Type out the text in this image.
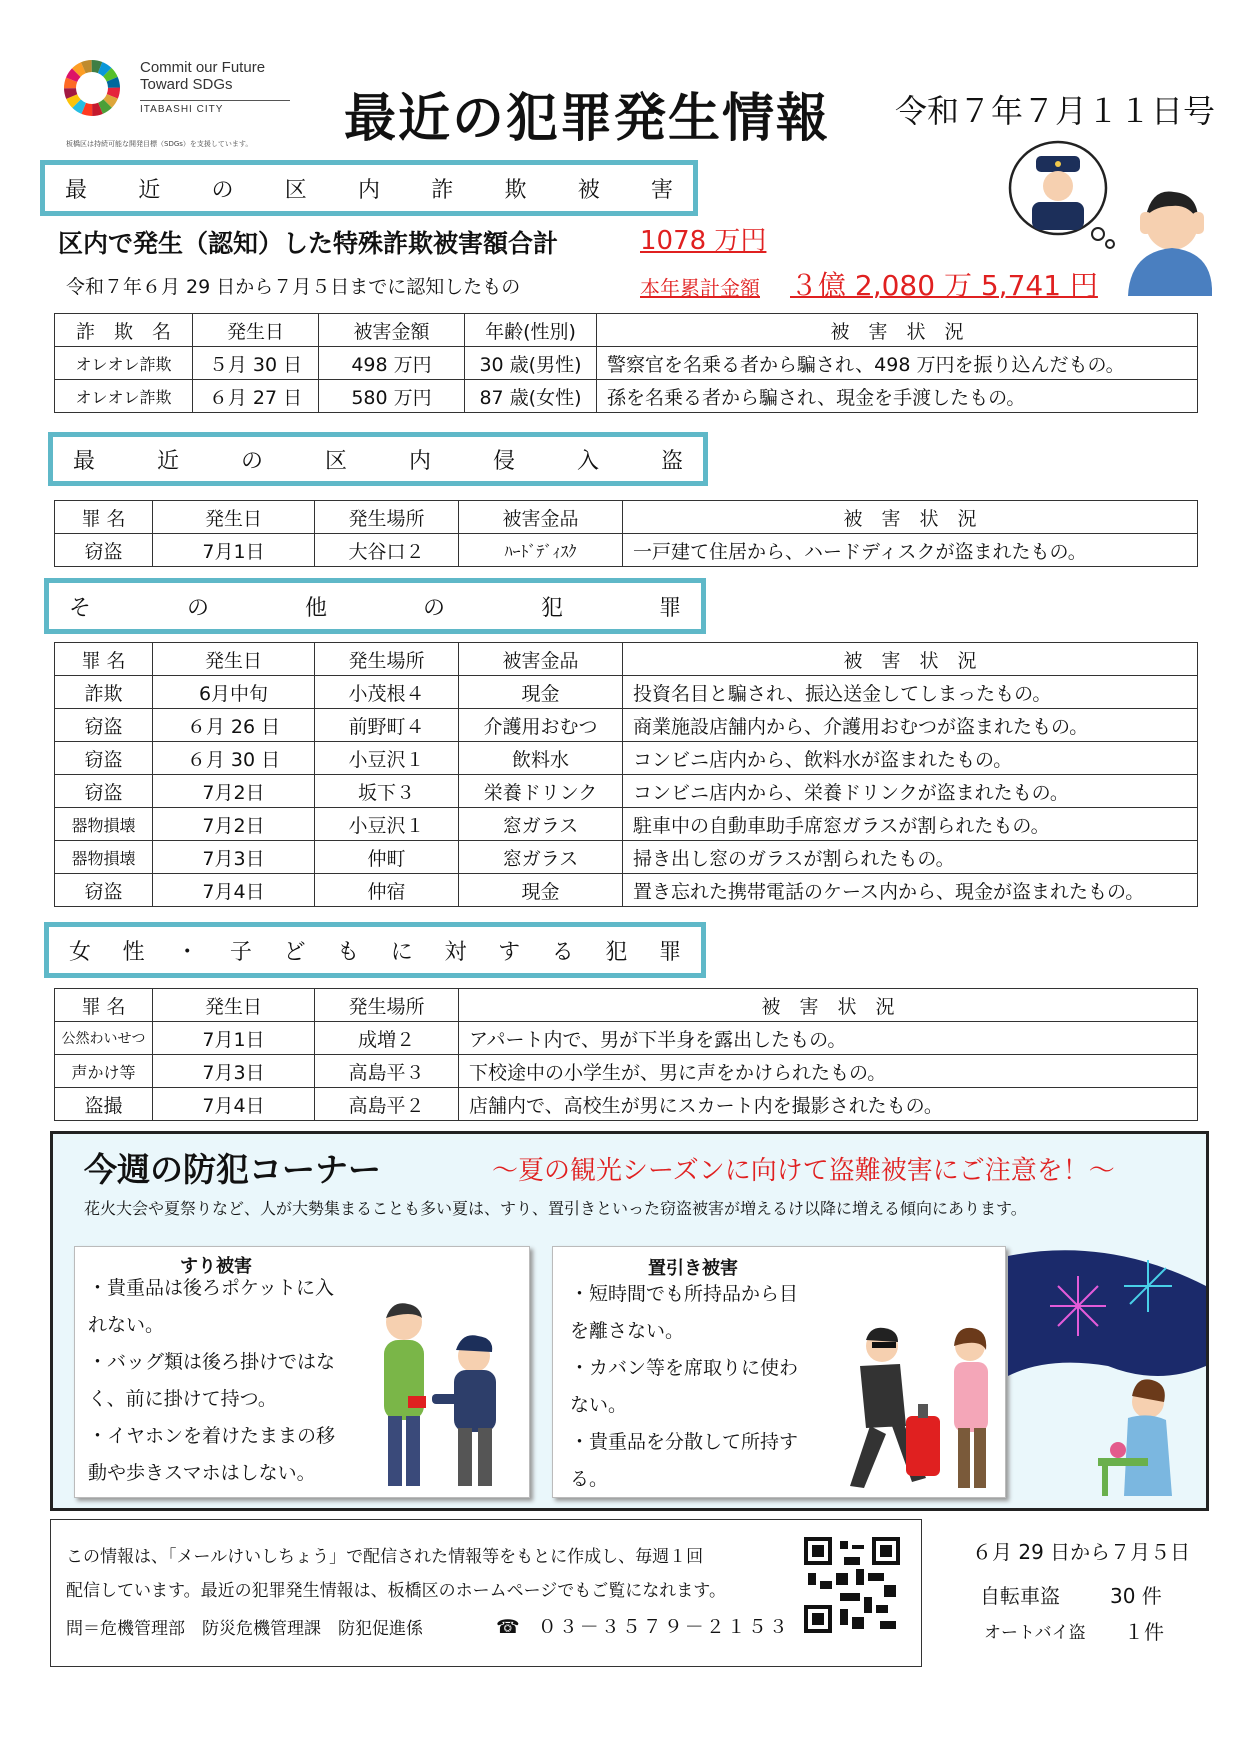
Commit our Future
Toward SDGs
ITABASHI CITY
板橋区は持続可能な開発目標（SDGs）を支援しています。 最近の犯罪発生情報 令和７年７月１１日号
最近の区内詐欺被害
区内で発生（認知）した特殊詐欺被害額合計	1078 万円
令和７年６月 29 日から７月５日までに認知したもの	本年累計金額 ３億 2,080 万 5,741 円
詐　欺　名	発生日	被害金額	年齢(性別)	被　害　状　況
オレオレ詐欺	５月 30 日	498 万円	30 歳(男性)	警察官を名乗る者から騙され、498 万円を振り込んだもの。
オレオレ詐欺	６月 27 日	580 万円	87 歳(女性)	孫を名乗る者から騙され、現金を手渡したもの。
最近の区内侵入盗
罪 名	発生日	発生場所	被害金品	被　害　状　況
窃盗	7月1日	大谷口２	ﾊｰﾄﾞﾃﾞｨｽｸ	一戸建て住居から、ハードディスクが盗まれたもの。
その他の犯罪
罪 名	発生日	発生場所	被害金品	被　害　状　況
詐欺	6月中旬	小茂根４	現金	投資名目と騙され、振込送金してしまったもの。
窃盗	６月 26 日	前野町４	介護用おむつ	商業施設店舗内から、介護用おむつが盗まれたもの。
窃盗	６月 30 日	小豆沢１	飲料水	コンビニ店内から、飲料水が盗まれたもの。
窃盗	7月2日	坂下３	栄養ドリンク	コンビニ店内から、栄養ドリンクが盗まれたもの。
器物損壊	7月2日	小豆沢１	窓ガラス	駐車中の自動車助手席窓ガラスが割られたもの。
器物損壊	7月3日	仲町	窓ガラス	掃き出し窓のガラスが割られたもの。
窃盗	7月4日	仲宿	現金	置き忘れた携帯電話のケース内から、現金が盗まれたもの。
女性・子どもに対する犯罪
罪 名	発生日	発生場所	被　害　状　況
公然わいせつ	7月1日	成増２	アパート内で、男が下半身を露出したもの。
声かけ等	7月3日	高島平３	下校途中の小学生が、男に声をかけられたもの。
盗撮	7月4日	高島平２	店舗内で、高校生が男にスカート内を撮影されたもの。
今週の防犯コーナー	～夏の観光シーズンに向けて盗難被害にご注意を！～
花火大会や夏祭りなど、人が大勢集まることも多い夏は、すり、置引きといった窃盗被害が増えるけ以降に増える傾向にあります。
すり被害
・貴重品は後ろポケットに入
れない。
・バッグ類は後ろ掛けではな
く、前に掛けて持つ。
・イヤホンを着けたままの移
動や歩きスマホはしない。
置引き被害
・短時間でも所持品から目
を離さない。
・カバン等を席取りに使わ
ない。
・貴重品を分散して所持す
る。
この情報は、「メールけいしちょう」で配信された情報等をもとに作成し、毎週１回
配信しています。最近の犯罪発生情報は、板橋区のホームページでもご覧になれます。
問＝危機管理部　防災危機管理課　防犯促進係	☎ ０３－３５７９－２１５３
６月 29 日から７月５日
自転車盗	30 件
オートバイ盗 １件
